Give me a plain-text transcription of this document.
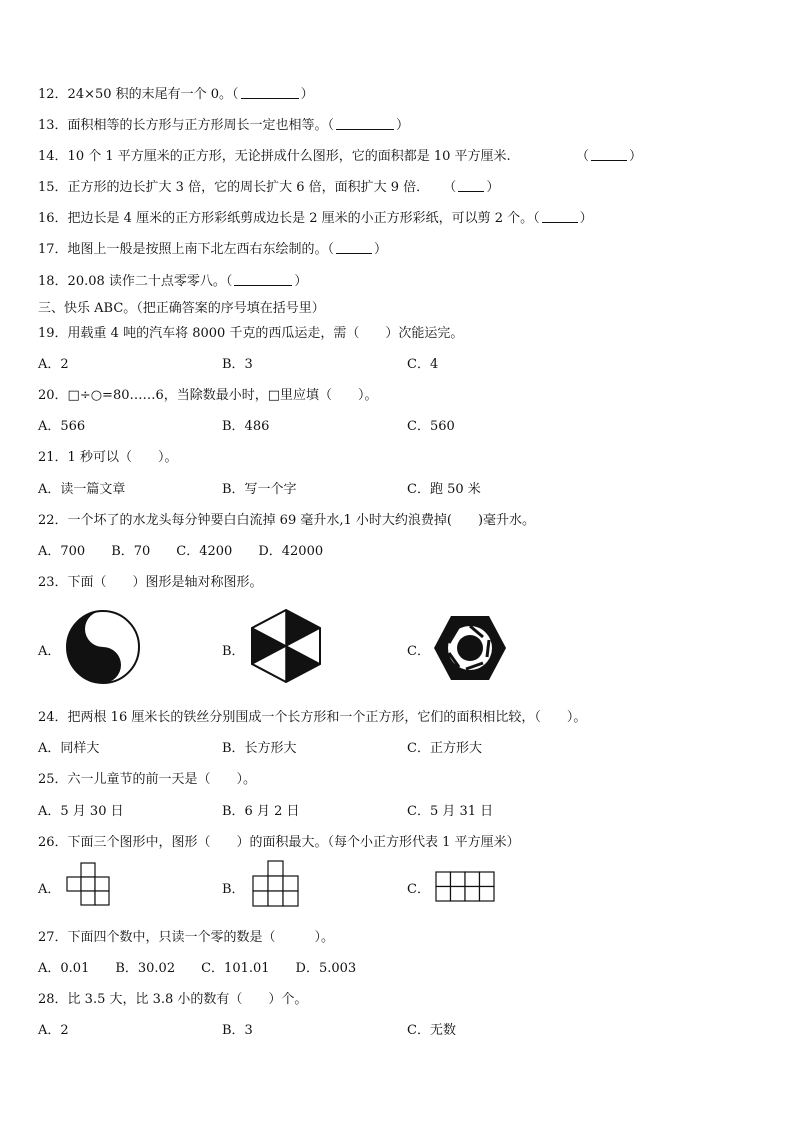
12．24×50 积的末尾有一个 0。（	）
13．面积相等的长方形与正方形周长一定也相等。（	）
14．10 个 1 平方厘米的正方形，无论拼成什么图形，它的面积都是 10 平方厘米.	（	）
15．正方形的边长扩大 3 倍，它的周长扩大 6 倍，面积扩大 9 倍． （ ）
16．把边长是 4 厘米的正方形彩纸剪成边长是 2 厘米的小正方形彩纸，可以剪 2 个。（	）
17．地图上一般是按照上南下北左西右东绘制的。（	）
18．20.08 读作二十点零零八。（	）
三、快乐 ABC。（把正确答案的序号填在括号里）
19．用载重 4 吨的汽车将 8000 千克的西瓜运走，需（　　）次能运完。
A．2	B．3	C．4
20．□÷○=80……6，当除数最小时，□里应填（　　）。
A．566	B．486	C．560
21．1 秒可以（　　）。
A．读一篇文章	B．写一个字	C．跑 50 米
22．一个坏了的水龙头每分钟要白白流掉 69 毫升水,1 小时大约浪费掉(　　)毫升水。
A．700　　B．70　　C．4200　　D．42000
23．下面（　　）图形是轴对称图形。
A．	B．	C．
24．把两根 16 厘米长的铁丝分别围成一个长方形和一个正方形，它们的面积相比较，（　　）。
A．同样大	B．长方形大	C．正方形大
25．六一儿童节的前一天是（　　）。
A．5 月 30 日	B．6 月 2 日	C．5 月 31 日
26．下面三个图形中，图形（　　）的面积最大。（每个小正方形代表 1 平方厘米）
A．	B．	C．
27．下面四个数中，只读一个零的数是（　　　）。
A．0.01　　B．30.02　　C．101.01　　D．5.003
28．比 3.5 大，比 3.8 小的数有（　　）个。
A．2	B．3	C．无数
